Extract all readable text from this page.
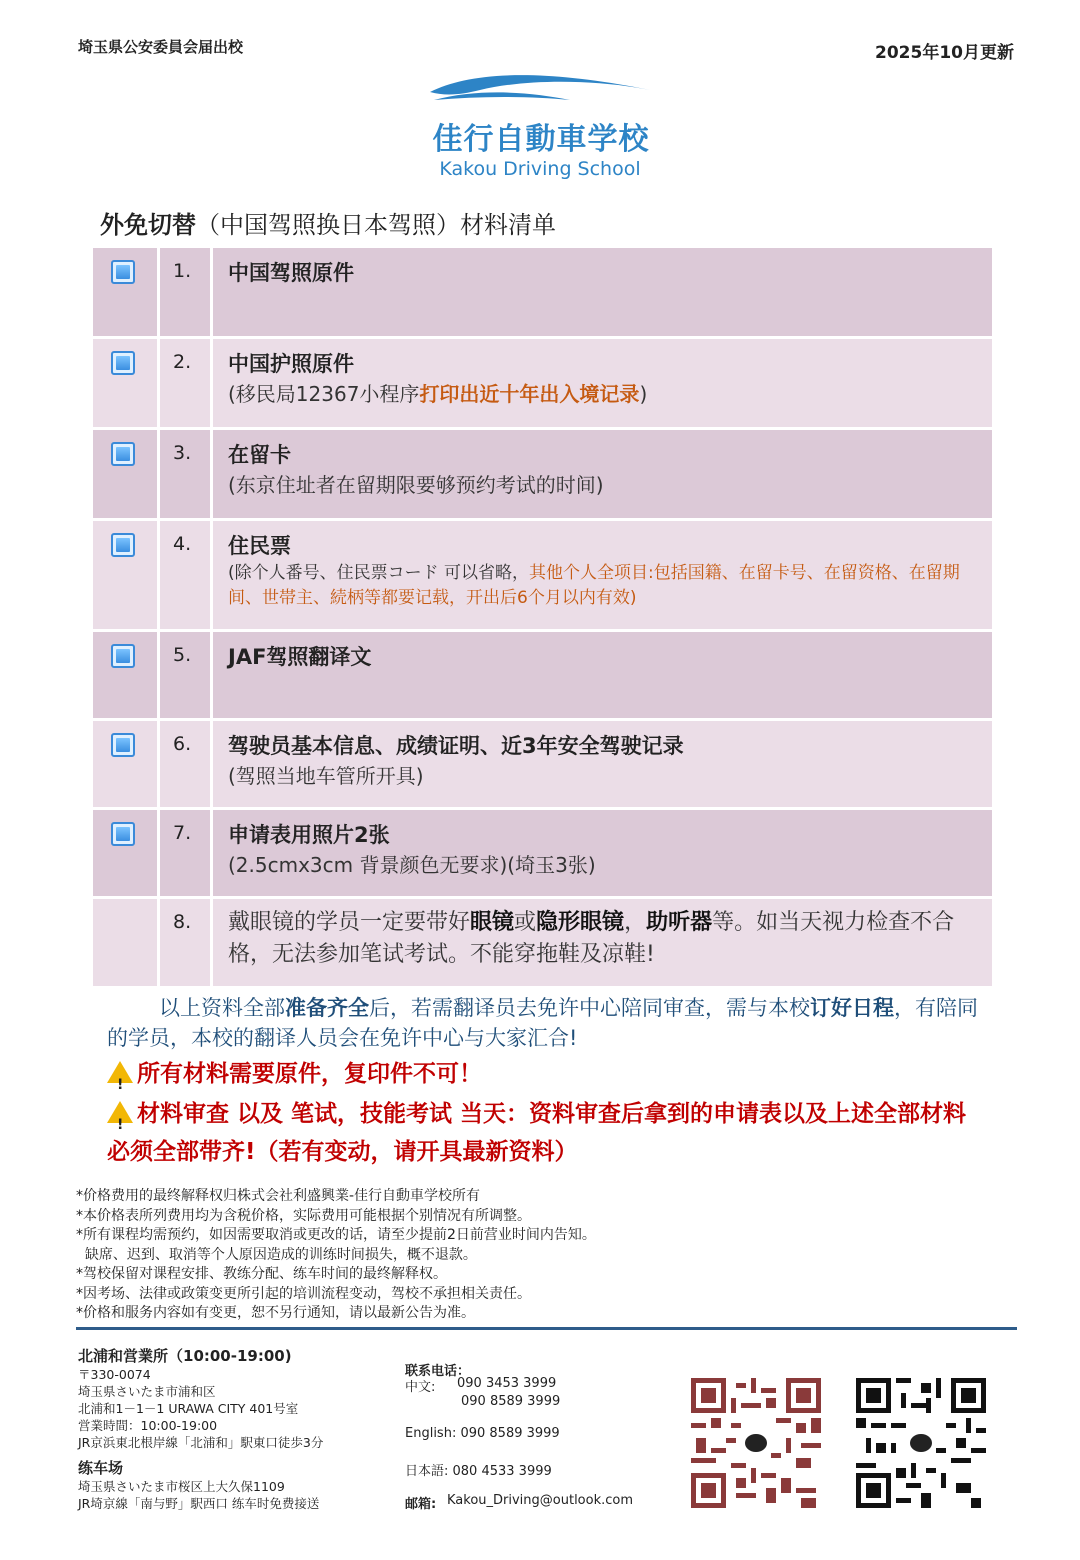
埼玉県公安委員会届出校	2025年10月更新
佳行自動車学校
Kakou Driving School
外免切替（中国驾照换日本驾照）材料清单
1.	中国驾照原件
2.	中国护照原件
(移民局12367小程序打印出近十年出入境记录)
3.	在留卡
(东京住址者在留期限要够预约考试的时间)
4.	住民票
(除个人番号、住民票コード 可以省略，其他个人全项目:包括国籍、在留卡号、在留资格、在留期间、世帯主、続柄等都要记载，开出后6个月以内有效)
5.	JAF驾照翻译文
6.	驾驶员基本信息、成绩证明、近3年安全驾驶记录
(驾照当地车管所开具)
7.	申请表用照片2张
(2.5cmx3cm 背景颜色无要求)(埼玉3张)
8.	戴眼镜的学员一定要带好眼镜或隐形眼镜，助听器等。如当天视力检查不合格，无法参加笔试考试。不能穿拖鞋及凉鞋!
以上资料全部准备齐全后，若需翻译员去免许中心陪同审查，需与本校订好日程，有陪同的学员，本校的翻译人员会在免许中心与大家汇合!
!所有材料需要原件，复印件不可！
!材料审查 以及 笔试，技能考试 当天：资料审查后拿到的申请表以及上述全部材料必须全部带齐!（若有变动，请开具最新资料）
*价格费用的最终解释权归株式会社利盛興業-佳行自動車学校所有
*本价格表所列费用均为含税价格，实际费用可能根据个别情况有所调整。
*所有课程均需预约，如因需要取消或更改的话，请至少提前2日前营业时间内告知。
缺席、迟到、取消等个人原因造成的训练时间损失，概不退款。
*驾校保留对课程安排、教练分配、练车时间的最终解释权。
*因考场、法律或政策变更所引起的培训流程变动，驾校不承担相关责任。
*价格和服务内容如有变更，恕不另行通知，请以最新公告为准。
北浦和営業所（10:00-19:00)
〒330-0074
埼玉県さいたま市浦和区
北浦和1－1－1 URAWA CITY 401号室
営業時間：10:00-19:00
JR京浜東北根岸線「北浦和」駅東口徒歩3分
练车场
埼玉県さいたま市桜区上大久保1109
JR埼京線「南与野」駅西口 练车时免费接送
联系电话：
中文: 090 3453 3999
090 8589 3999
English: 090 8589 3999
日本語: 080 4533 3999
邮箱: Kakou_Driving@outlook.com
